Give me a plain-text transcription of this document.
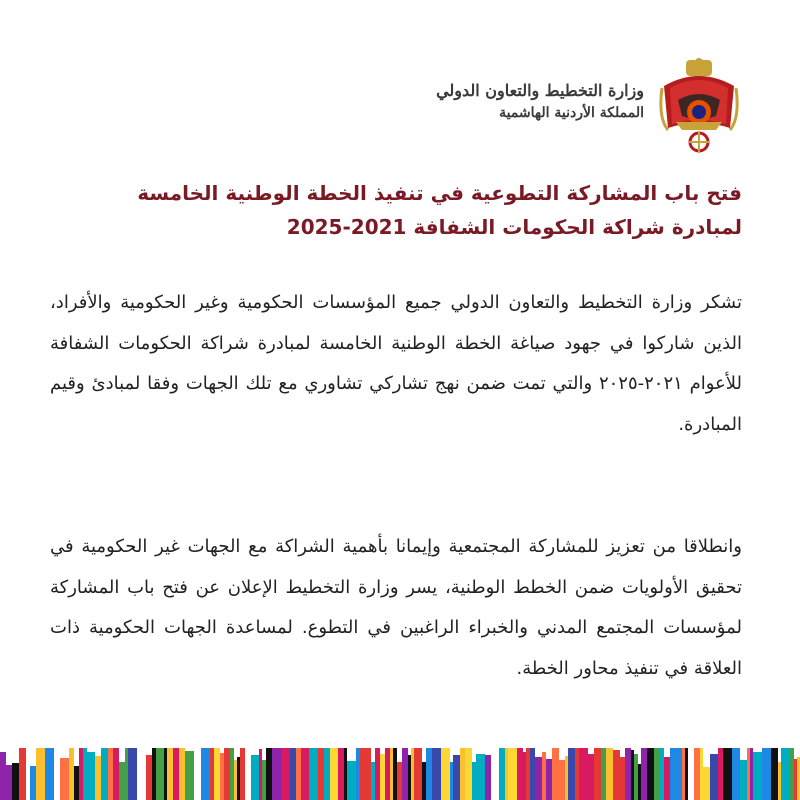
وزارة التخطيط والتعاون الدولي
المملكة الأردنية الهاشمية
فتح باب المشاركة التطوعية في تنفيذ الخطة الوطنية الخامسة
لمبادرة شراكة الحكومات الشفافة 2021-2025
تشكر وزارة التخطيط والتعاون الدولي جميع المؤسسات الحكومية وغير الحكومية والأفراد، الذين شاركوا في جهود صياغة الخطة الوطنية الخامسة لمبادرة شراكة الحكومات الشفافة للأعوام ٢٠٢١-٢٠٢٥ والتي تمت ضمن نهج تشاركي تشاوري مع تلك الجهات وفقا لمبادئ وقيم المبادرة.
وانطلاقا من تعزيز للمشاركة المجتمعية وإيمانا بأهمية الشراكة مع الجهات غير الحكومية في تحقيق الأولويات ضمن الخطط الوطنية، يسر وزارة التخطيط الإعلان عن فتح باب المشاركة لمؤسسات المجتمع المدني والخبراء الراغبين في التطوع. لمساعدة الجهات الحكومية ذات العلاقة في تنفيذ محاور الخطة.
